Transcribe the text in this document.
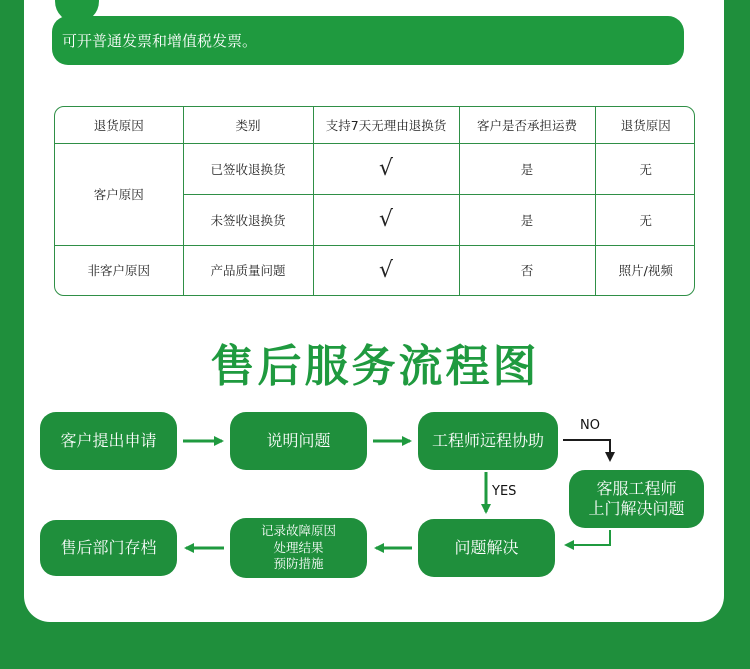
可开普通发票和增值税发票。
退货原因	类别	支持7天无理由退换货	客户是否承担运费	退货原因
客户原因	已签收退换货	√	是	无
	未签收退换货	√	是	无
非客户原因	产品质量问题	√	否	照片/视频
售后服务流程图
客户提出申请	说明问题	工程师远程协助
客服工程师
上门解决问题
售后部门存档
记录故障原因
处理结果
预防措施
问题解决
NO
YES
